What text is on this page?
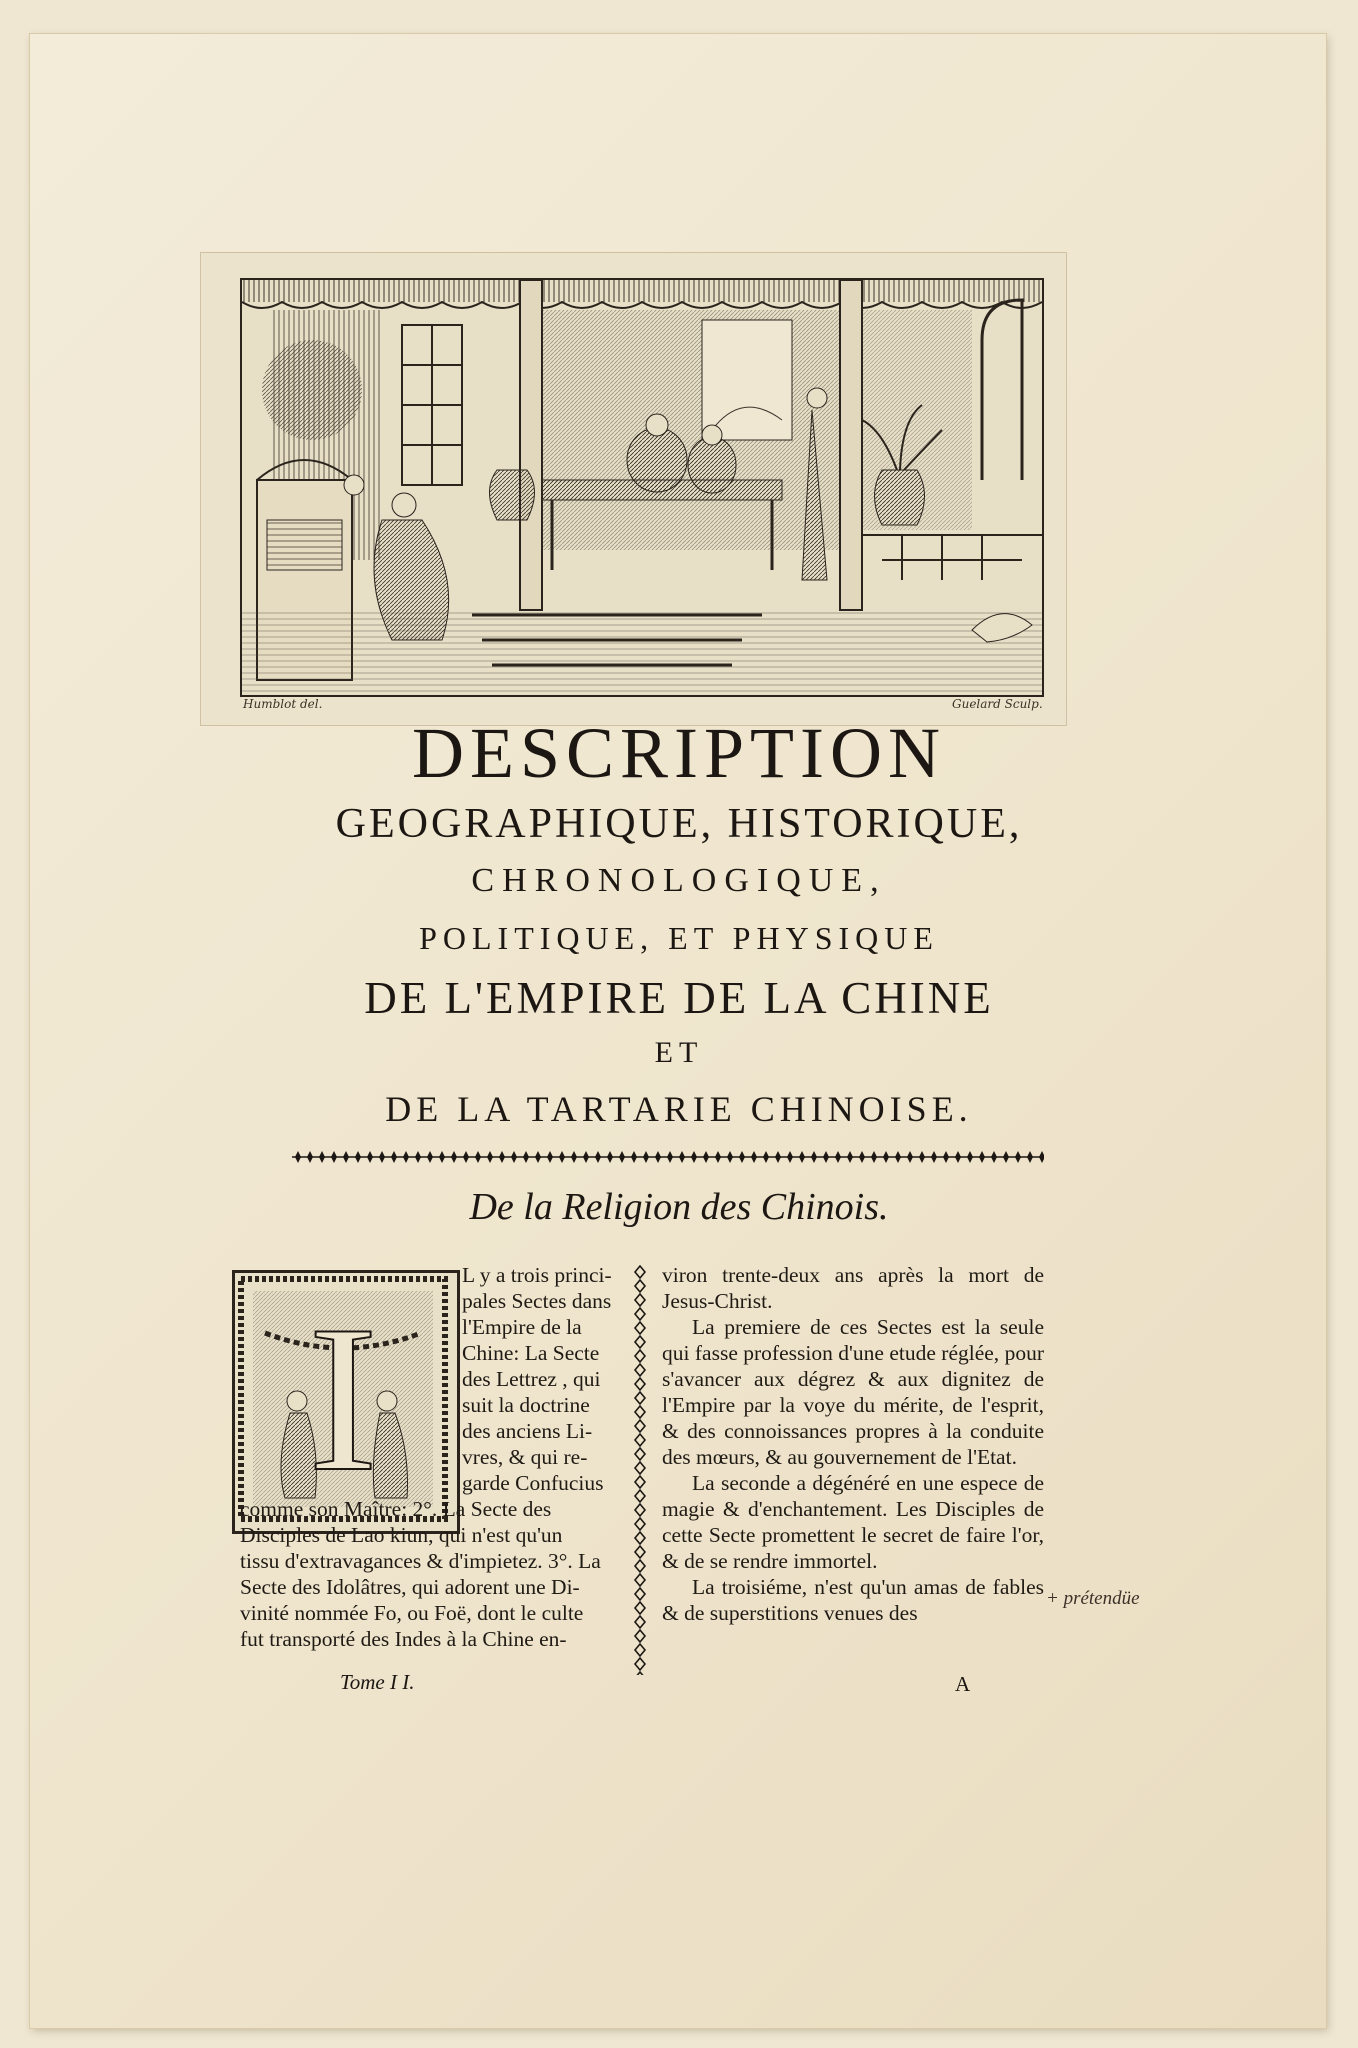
Humblot del.	Guelard Sculp.
DESCRIPTION
GEOGRAPHIQUE, HISTORIQUE,
CHRONOLOGIQUE,
POLITIQUE, ET PHYSIQUE
DE L'EMPIRE DE LA CHINE
ET
DE LA TARTARIE CHINOISE.
De la Religion des Chinois.
I

L y a trois princi-

pales Sectes dans

l'Empire de la

Chine: La Secte

des Lettrez , qui

suit la doctrine

des anciens Li-

vres, & qui re-

garde Confucius

comme son Maître: 2°. La Secte des

Disciples de Lao kiun, qui n'est qu'un

tissu d'extravagances & d'impietez. 3°. La

Secte des Idolâtres, qui adorent une Di-

vinité nommée Fo, ou Foë, dont le culte

fut transporté des Indes à la Chine en-

viron trente-deux ans après la mort de Jesus-Christ.

La premiere de ces Sectes est la seule qui fasse profession d'une etude réglée, pour s'avancer aux dégrez & aux dignitez de l'Empire par la voye du mérite, de l'esprit, & des connoissances propres à la conduite des mœurs, & au gouvernement de l'Etat.

La seconde a dégénéré en une espece de magie & d'enchantement. Les Disciples de cette Secte promettent le secret de faire l'or, & de se rendre immortel.

La troisiéme, n'est qu'un amas de fables & de superstitions venues des

Tome I I.	A
+ prétendüe
